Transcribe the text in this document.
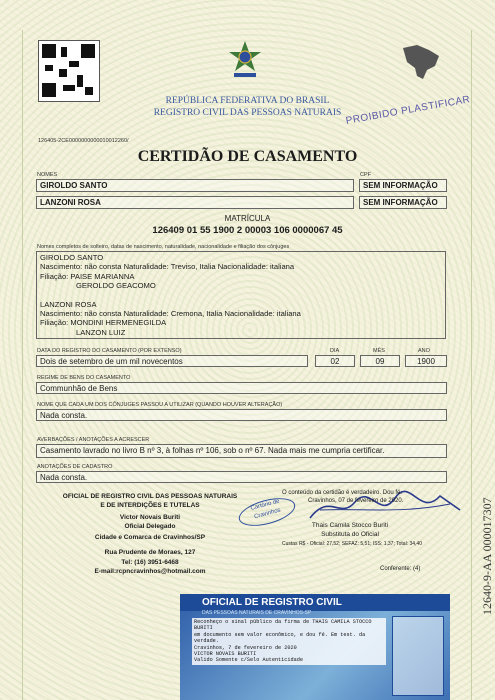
126405-2CE0000000000010012260/
REPÚBLICA FEDERATIVA DO BRASIL
REGISTRO CIVIL DAS PESSOAS NATURAIS PROIBIDO PLASTIFICAR
CERTIDÃO DE CASAMENTO
NOMES	CPF
GIROLDO SANTO	SEM INFORMAÇÃO
LANZONI ROSA	SEM INFORMAÇÃO
MATRÍCULA
126409 01 55 1900 2 00003 106 0000067 45
Nomes completos de solteiro, datas de nascimento, naturalidade, nacionalidade e filiação dos cônjuges
GIROLDO SANTO
Nascimento: não consta Naturalidade: Treviso, Italia Nacionalidade: italiana
Filiação: PAISE MARIANNA
GEROLDO GEACOMO
LANZONI ROSA
Nascimento: não consta Naturalidade: Cremona, Italia Nacionalidade: italiana
Filiação: MONDINI HERMENEGILDA
LANZON LUIZ
DATA DO REGISTRO DO CASAMENTO (POR EXTENSO)	DIA	MÊS	ANO
Dois de setembro de um mil novecentos	02	09	1900
REGIME DE BENS DO CASAMENTO
Communhão de Bens
NOME QUE CADA UM DOS CÔNJUGES PASSOU A UTILIZAR (QUANDO HOUVER ALTERAÇÃO)
Nada consta.
AVERBAÇÕES / ANOTAÇÕES A ACRESCER
Casamento lavrado no livro B nº 3, à folhas nº 106, sob o nº 67. Nada mais me cumpria certificar.
ANOTAÇÕES DE CADASTRO
Nada consta.
OFICIAL DE REGISTRO CIVIL DAS PESSOAS NATURAIS
E DE INTERDIÇÕES E TUTELAS
Victor Novais Buriti
Oficial Delegado
Cidade e Comarca de Cravinhos/SP
Rua Prudente de Moraes, 127
Tel: (16) 3951-6468
E-mail:rcpncravinhos@hotmail.com
Cartório de Cravinhos
O conteúdo da certidão é verdadeiro. Dou fé.
Cravinhos, 07 de fevereiro de 2020.
Thais Camila Stocco Buriti
Substituta do Oficial
Custas R$ - Oficial: 27,52; SEFAZ: 5,51; ISS: 1,37; Total: 34,40
Conferente: (4)
OFICIAL DE REGISTRO CIVIL
DAS PESSOAS NATURAIS DE CRAVINHOS-SP
Reconheço o sinal público da firma de THAIS CAMILA STOCCO BURITI
em documento sem valor econômico, e dou fé. Em test. da
verdade.
Cravinhos, 7 de fevereiro de 2020
VICTOR NOVAIS BURITI
Valido Somente c/Selo Autenticidade
12640-9-AA 000017307
